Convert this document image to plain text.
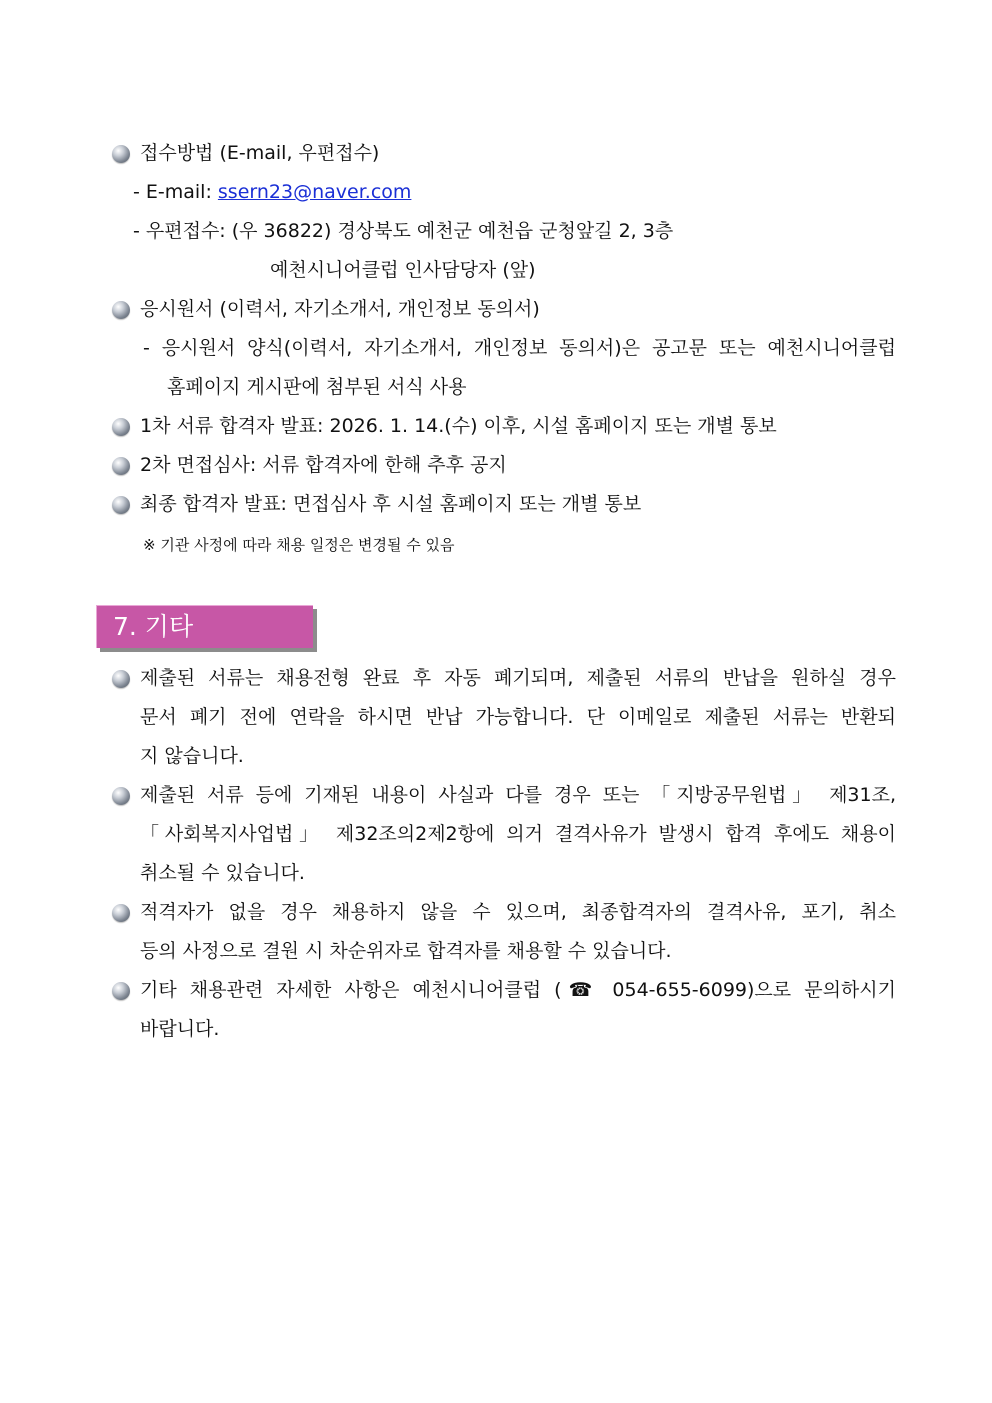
접수방법 (E-mail, 우편접수)
- E-mail: ssern23@naver.com
- 우편접수: (우 36822) 경상북도 예천군 예천읍 군청앞길 2, 3층
예천시니어클럽 인사담당자 (앞)
응시원서 (이력서, 자기소개서, 개인정보 동의서)
- 응시원서 양식(이력서, 자기소개서, 개인정보 동의서)은 공고문 또는 예천시니어클럽
홈페이지 게시판에 첨부된 서식 사용
1차 서류 합격자 발표: 2026. 1. 14.(수) 이후, 시설 홈페이지 또는 개별 통보
2차 면접심사: 서류 합격자에 한해 추후 공지
최종 합격자 발표: 면접심사 후 시설 홈페이지 또는 개별 통보
※ 기관 사정에 따라 채용 일정은 변경될 수 있음
7. 기타
제출된 서류는 채용전형 완료 후 자동 폐기되며, 제출된 서류의 반납을 원하실 경우
문서 폐기 전에 연락을 하시면 반납 가능합니다. 단 이메일로 제출된 서류는 반환되
지 않습니다.
제출된 서류 등에 기재된 내용이 사실과 다를 경우 또는 「지방공무원법」 제31조,
「사회복지사업법」 제32조의2제2항에 의거 결격사유가 발생시 합격 후에도 채용이
취소될 수 있습니다.
적격자가 없을 경우 채용하지 않을 수 있으며, 최종합격자의 결격사유, 포기, 취소
등의 사정으로 결원 시 차순위자로 합격자를 채용할 수 있습니다.
기타 채용관련 자세한 사항은 예천시니어클럽 (☎ 054-655-6099)으로 문의하시기
바랍니다.
